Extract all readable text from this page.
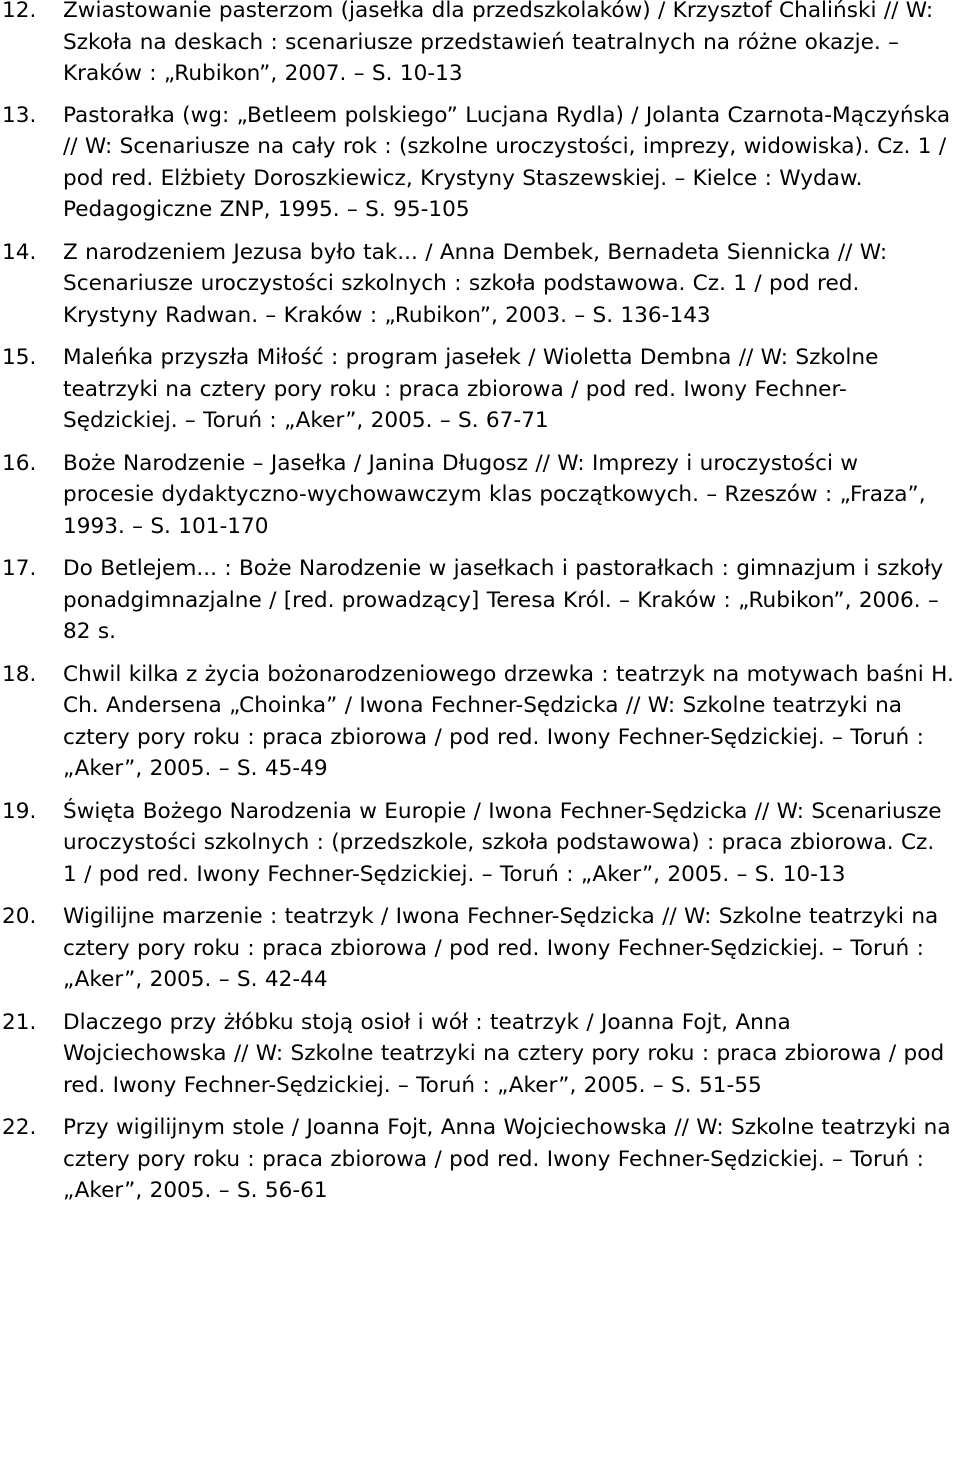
12.	Zwiastowanie pasterzom (jasełka dla przedszkolaków) / Krzysztof Chaliński // W: Szkoła na deskach : scenariusze przedstawień teatralnych na różne okazje. – Kraków : „Rubikon”, 2007. – S. 10-13
13.	Pastorałka (wg: „Betleem polskiego” Lucjana Rydla) / Jolanta Czarnota-Mączyńska // W: Scenariusze na cały rok : (szkolne uroczystości, imprezy, widowiska). Cz. 1 / pod red. Elżbiety Doroszkiewicz, Krystyny Staszewskiej. – Kielce : Wydaw. Pedagogiczne ZNP, 1995. – S. 95-105
14.	Z narodzeniem Jezusa było tak... / Anna Dembek, Bernadeta Siennicka // W: Scenariusze uroczystości szkolnych : szkoła podstawowa. Cz. 1 / pod red. Krystyny Radwan. – Kraków : „Rubikon”, 2003. – S. 136-143
15.	Maleńka przyszła Miłość : program jasełek / Wioletta Dembna // W: Szkolne teatrzyki na cztery pory roku : praca zbiorowa / pod red. Iwony Fechner-Sędzickiej. – Toruń : „Aker”, 2005. – S. 67-71
16.	Boże Narodzenie – Jasełka / Janina Długosz // W: Imprezy i uroczystości w procesie dydaktyczno-wychowawczym klas początkowych. – Rzeszów : „Fraza”, 1993. – S. 101-170
17.	Do Betlejem... : Boże Narodzenie w jasełkach i pastorałkach : gimnazjum i szkoły ponadgimnazjalne / [red. prowadzący] Teresa Król. – Kraków : „Rubikon”, 2006. – 82 s.
18.	Chwil kilka z życia bożonarodzeniowego drzewka : teatrzyk na motywach baśni H. Ch. Andersena „Choinka” / Iwona Fechner-Sędzicka // W: Szkolne teatrzyki na cztery pory roku : praca zbiorowa / pod red. Iwony Fechner-Sędzickiej. – Toruń : „Aker”, 2005. – S. 45-49
19.	Święta Bożego Narodzenia w Europie / Iwona Fechner-Sędzicka // W: Scenariusze uroczystości szkolnych : (przedszkole, szkoła podstawowa) : praca zbiorowa. Cz. 1 / pod red. Iwony Fechner-Sędzickiej. – Toruń : „Aker”, 2005. – S. 10-13
20.	Wigilijne marzenie : teatrzyk / Iwona Fechner-Sędzicka // W: Szkolne teatrzyki na cztery pory roku : praca zbiorowa / pod red. Iwony Fechner-Sędzickiej. – Toruń : „Aker”, 2005. – S. 42-44
21.	Dlaczego przy żłóbku stoją osioł i wół : teatrzyk / Joanna Fojt, Anna Wojciechowska // W: Szkolne teatrzyki na cztery pory roku : praca zbiorowa / pod red. Iwony Fechner-Sędzickiej. – Toruń : „Aker”, 2005. – S. 51-55
22.	Przy wigilijnym stole / Joanna Fojt, Anna Wojciechowska // W: Szkolne teatrzyki na cztery pory roku : praca zbiorowa / pod red. Iwony Fechner-Sędzickiej. – Toruń : „Aker”, 2005. – S. 56-61
